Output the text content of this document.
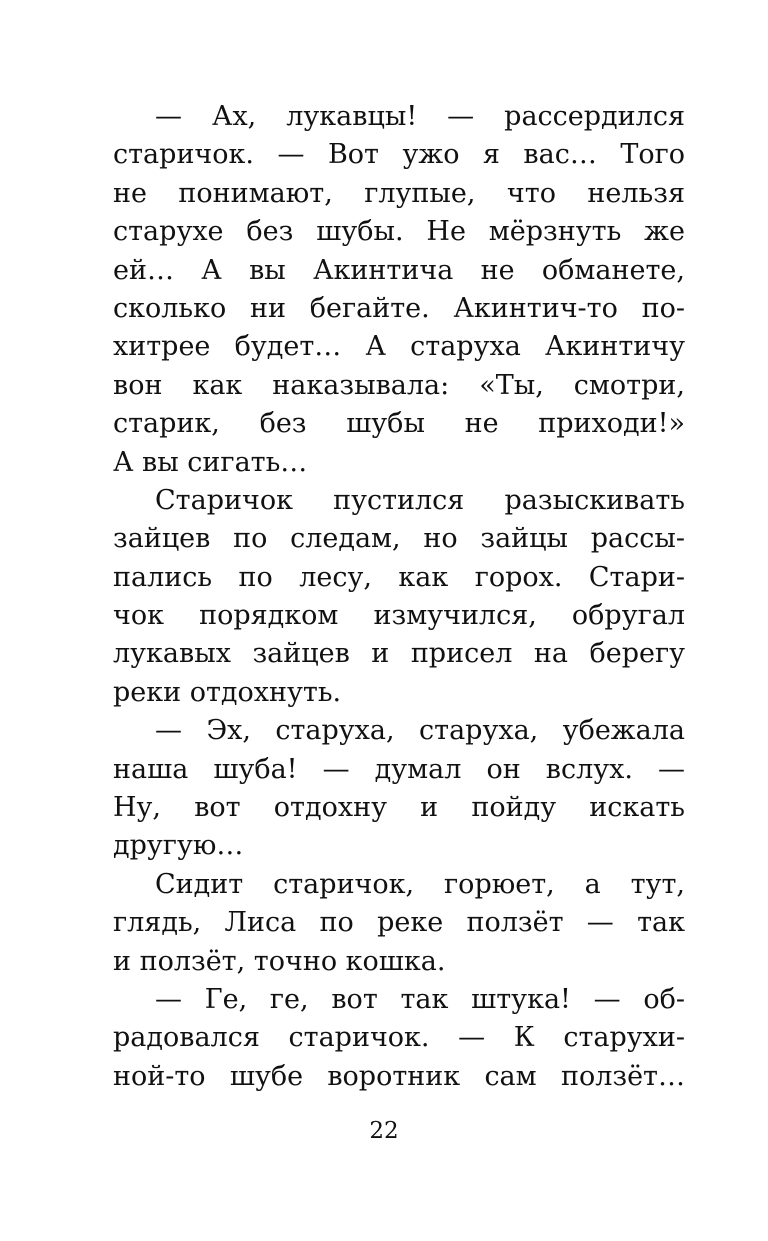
— Ах, лукавцы! — рассердился
старичок. — Вот ужо я вас… Того
не понимают, глупые, что нельзя
старухе без шубы. Не мёрзнуть же
ей… А вы Акинтича не обманете,
сколько ни бегайте. Акинтич-то по-
хитрее будет… А старуха Акинтичу
вон как наказывала: «Ты, смотри,
старик, без шубы не приходи!»
А вы сигать…
Старичок пустился разыскивать
зайцев по следам, но зайцы рассы-
пались по лесу, как горох. Стари-
чок порядком измучился, обругал
лукавых зайцев и присел на берегу
реки отдохнуть.
— Эх, старуха, старуха, убежала
наша шуба! — думал он вслух. —
Ну, вот отдохну и пойду искать
другую…
Сидит старичок, горюет, а тут,
глядь, Лиса по реке ползёт — так
и ползёт, точно кошка.
— Ге, ге, вот так штука! — об-
радовался старичок. — К старухи-
ной-то шубе воротник сам ползёт…
22
